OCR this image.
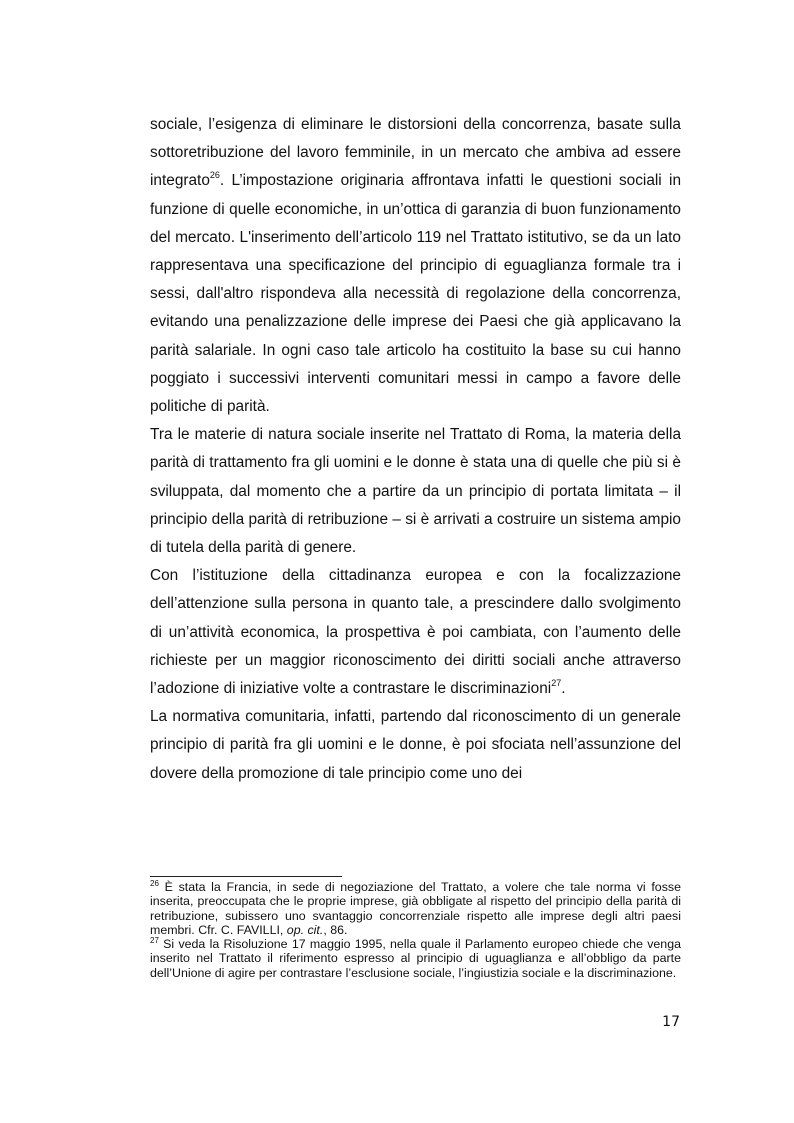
sociale, l’esigenza di eliminare le distorsioni della concorrenza, basate sulla sottoretribuzione del lavoro femminile, in un mercato che ambiva ad essere integrato$^{26}$. L’impostazione originaria affrontava infatti le questioni sociali in funzione di quelle economiche, in un’ottica di garanzia di buon funzionamento del mercato. L'inserimento dell’articolo 119 nel Trattato istitutivo, se da un lato rappresentava una specificazione del principio di eguaglianza formale tra i sessi, dall'altro rispondeva alla necessità di regolazione della concorrenza, evitando una penalizzazione delle imprese dei Paesi che già applicavano la parità salariale. In ogni caso tale articolo ha costituito la base su cui hanno poggiato i successivi interventi comunitari messi in campo a favore delle politiche di parità.

Tra le materie di natura sociale inserite nel Trattato di Roma, la materia della parità di trattamento fra gli uomini e le donne è stata una di quelle che più si è sviluppata, dal momento che a partire da un principio di portata limitata – il principio della parità di retribuzione – si è arrivati a costruire un sistema ampio di tutela della parità di genere.

Con l’istituzione della cittadinanza europea e con la focalizzazione dell’attenzione sulla persona in quanto tale, a prescindere dallo svolgimento di un’attività economica, la prospettiva è poi cambiata, con l’aumento delle richieste per un maggior riconoscimento dei diritti sociali anche attraverso l’adozione di iniziative volte a contrastare le discriminazioni$^{27}$.

La normativa comunitaria, infatti, partendo dal riconoscimento di un generale principio di parità fra gli uomini e le donne, è poi sfociata nell’assunzione del dovere della promozione di tale principio come uno dei

$^{26}$ È stata la Francia, in sede di negoziazione del Trattato, a volere che tale norma vi fosse inserita, preoccupata che le proprie imprese, già obbligate al rispetto del principio della parità di retribuzione, subissero uno svantaggio concorrenziale rispetto alle imprese degli altri paesi membri. Cfr. C. FAVILLI, op. cit., 86.

$^{27}$ Si veda la Risoluzione 17 maggio 1995, nella quale il Parlamento europeo chiede che venga inserito nel Trattato il riferimento espresso al principio di uguaglianza e all’obbligo da parte dell’Unione di agire per contrastare l’esclusione sociale, l’ingiustizia sociale e la discriminazione.

17
